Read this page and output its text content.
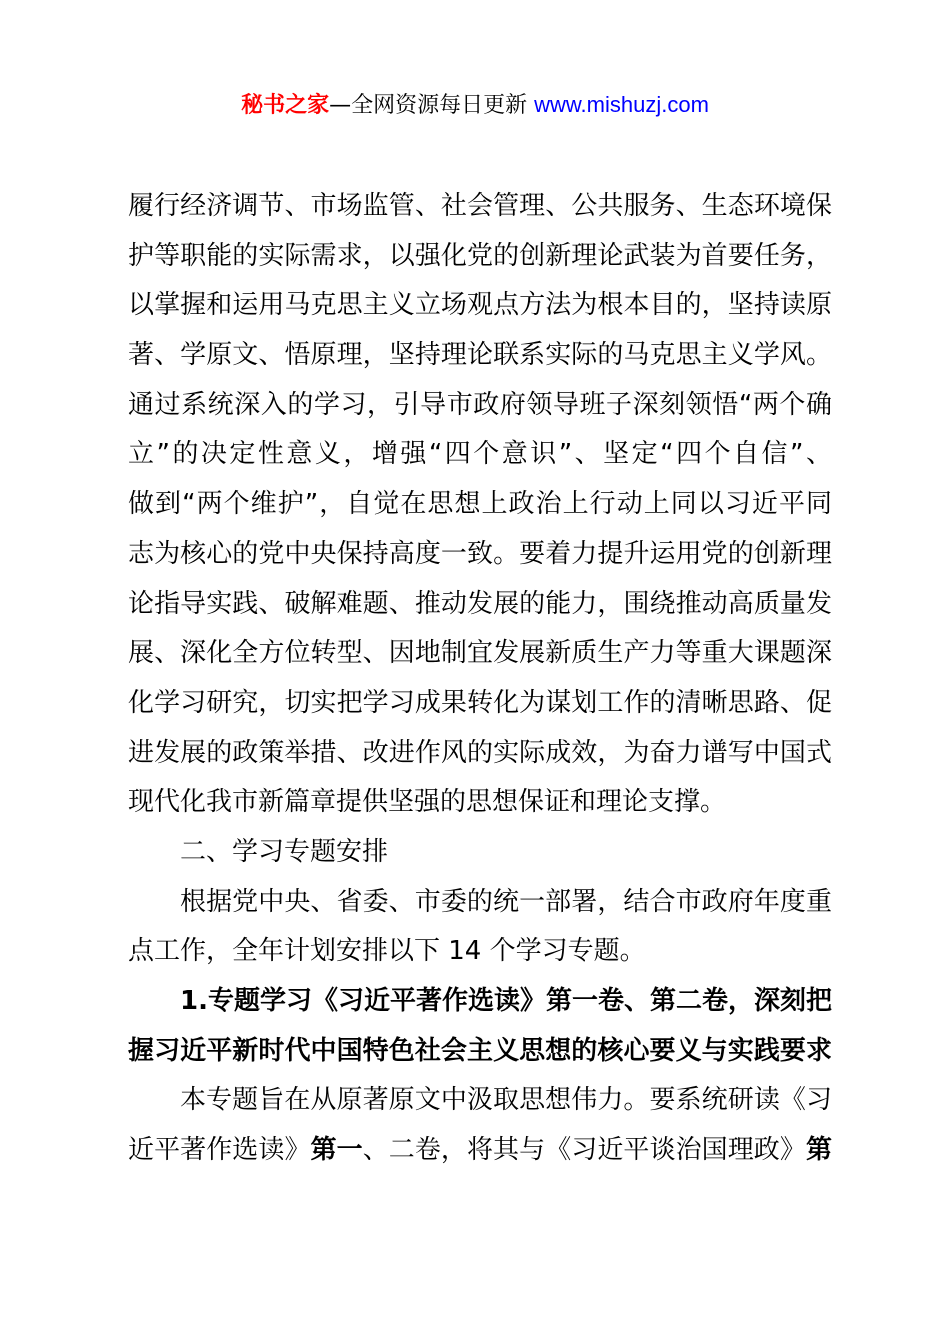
秘书之家—全网资源每日更新 www.mishuzj.com
履行经济调节、市场监管、社会管理、公共服务、生态环境保
护等职能的实际需求，以强化党的创新理论武装为首要任务，
以掌握和运用马克思主义立场观点方法为根本目的，坚持读原
著、学原文、悟原理，坚持理论联系实际的马克思主义学风。
通过系统深入的学习，引导市政府领导班子深刻领悟“两个确
立”的决定性意义，增强“四个意识”、坚定“四个自信”、
做到“两个维护”，自觉在思想上政治上行动上同以习近平同
志为核心的党中央保持高度一致。要着力提升运用党的创新理
论指导实践、破解难题、推动发展的能力，围绕推动高质量发
展、深化全方位转型、因地制宜发展新质生产力等重大课题深
化学习研究，切实把学习成果转化为谋划工作的清晰思路、促
进发展的政策举措、改进作风的实际成效，为奋力谱写中国式
现代化我市新篇章提供坚强的思想保证和理论支撑。
二、学习专题安排
根据党中央、省委、市委的统一部署，结合市政府年度重
点工作，全年计划安排以下 14 个学习专题。
1.专题学习《习近平著作选读》第一卷、第二卷，深刻把
握习近平新时代中国特色社会主义思想的核心要义与实践要求
本专题旨在从原著原文中汲取思想伟力。要系统研读《习
近平著作选读》第一、二卷，将其与《习近平谈治国理政》第
